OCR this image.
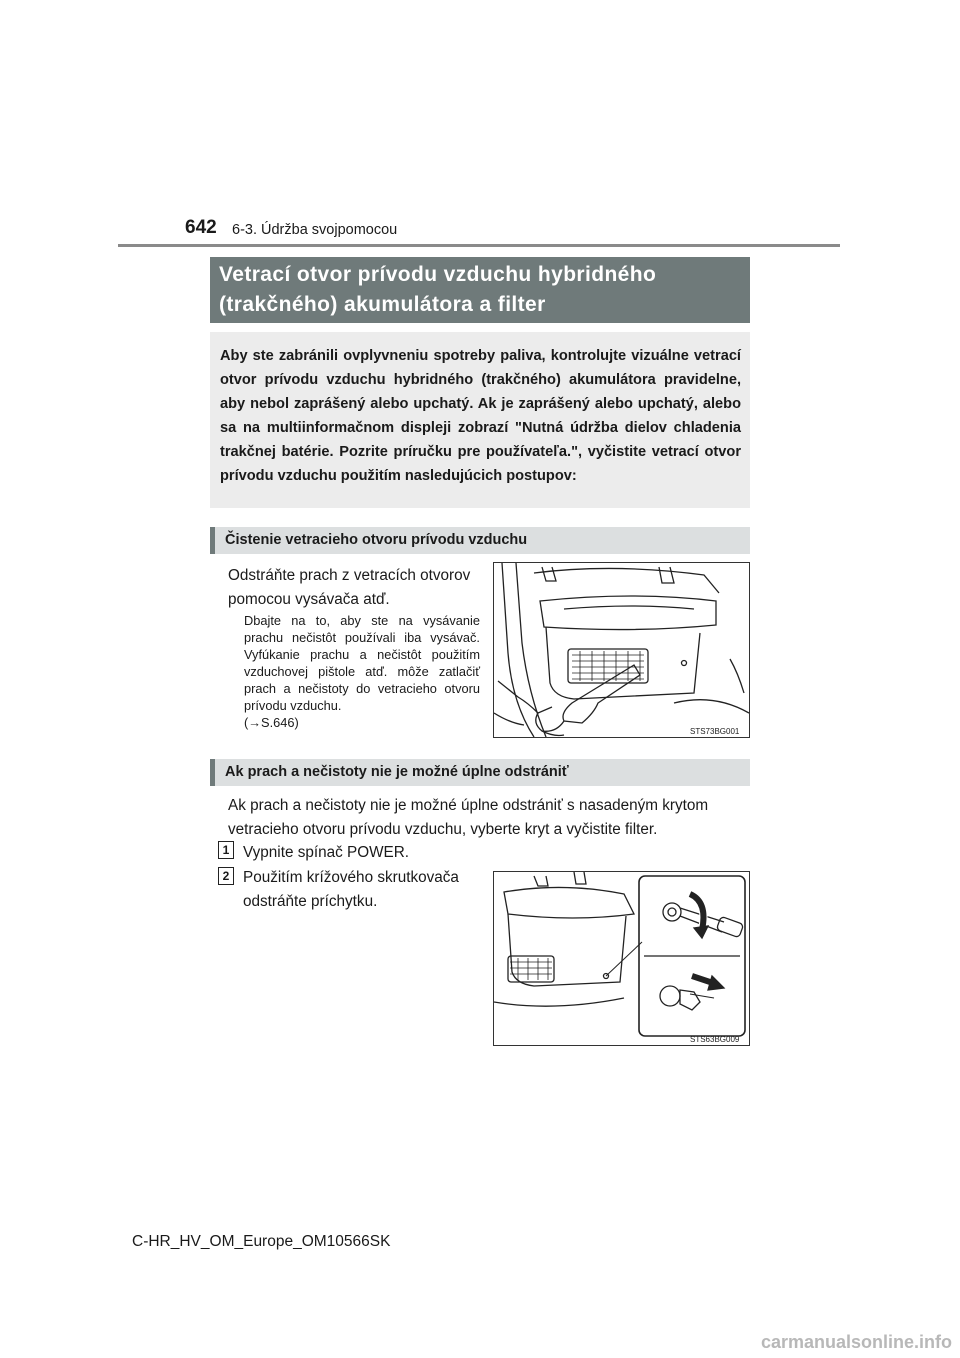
642 6-3. Údržba svojpomocou
Vetrací otvor prívodu vzduchu hybridného
(trakčného) akumulátora a filter
Aby ste zabránili ovplyvneniu spotreby paliva, kontrolujte vizuálne vetrací otvor prívodu vzduchu hybridného (trakčného) akumulátora pravidelne, aby nebol zaprášený alebo upchatý. Ak je zaprášený alebo upchatý, alebo sa na multiinformačnom displeji zobrazí "Nutná údržba dielov chladenia trakčnej batérie. Pozrite príručku pre používateľa.", vyčistite vetrací otvor prívodu vzduchu použitím nasledujúcich postupov:
Čistenie vetracieho otvoru prívodu vzduchu
Odstráňte prach z vetracích otvorov
pomocou vysávača atď.
Dbajte na to, aby ste na vysávanie prachu nečistôt používali iba vysávač. Vyfúkanie prachu a nečistôt použitím vzduchovej pištole atď. môže zatlačiť prach a nečistoty do vetracieho otvoru prívodu vzduchu.
(→S.646)
STS73BG001
Ak prach a nečistoty nie je možné úplne odstrániť
Ak prach a nečistoty nie je možné úplne odstrániť s nasadeným krytom
vetracieho otvoru prívodu vzduchu, vyberte kryt a vyčistite filter.
1 Vypnite spínač POWER.
2 Použitím krížového skrutkovača
odstráňte príchytku.
STS63BG009
C-HR_HV_OM_Europe_OM10566SK
carmanualsonline.info
